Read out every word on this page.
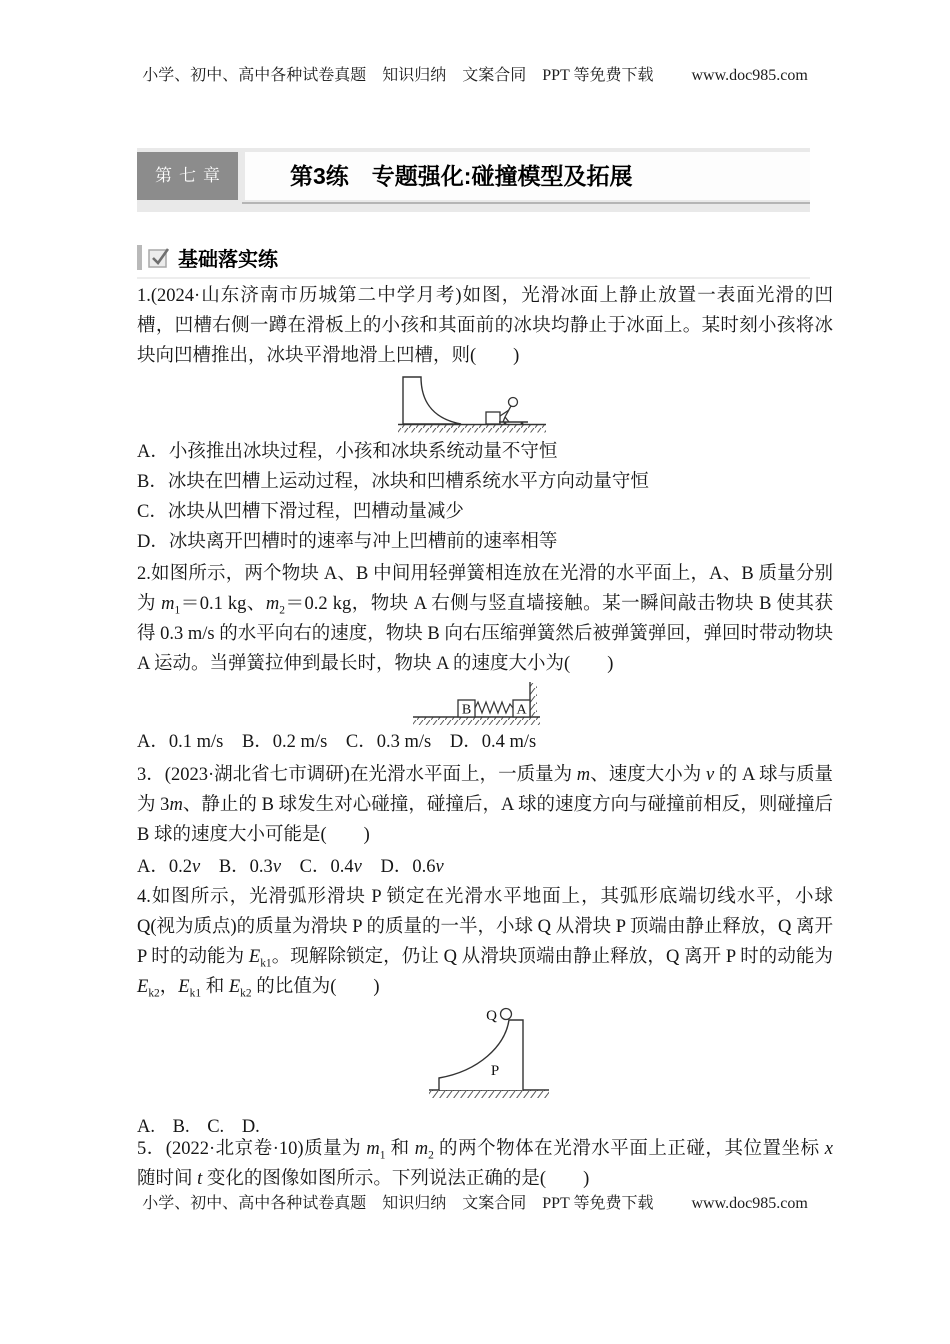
小学、初中、高中各种试卷真题　知识归纳　文案合同　PPT 等免费下载 www.doc985.com
第七章	第3练　专题强化:碰撞模型及拓展
基础落实练
1.(2024·山东济南市历城第二中学月考)如图，光滑冰面上静止放置一表面光滑的凹槽，凹槽右侧一蹲在滑板上的小孩和其面前的冰块均静止于冰面上。某时刻小孩将冰块向凹槽推出，冰块平滑地滑上凹槽，则(　　)
A．小孩推出冰块过程，小孩和冰块系统动量不守恒
B．冰块在凹槽上运动过程，冰块和凹槽系统水平方向动量守恒
C．冰块从凹槽下滑过程，凹槽动量减少
D．冰块离开凹槽时的速率与冲上凹槽前的速率相等
2.如图所示，两个物块 A、B 中间用轻弹簧相连放在光滑的水平面上，A、B 质量分别为 $m_1=0.1$ kg、$m_2=0.2$ kg，物块 A 右侧与竖直墙接触。某一瞬间敲击物块 B 使其获得 0.3 m/s 的水平向右的速度，物块 B 向右压缩弹簧然后被弹簧弹回，弹回时带动物块 A 运动。当弹簧拉伸到最长时，物块 A 的速度大小为(　　)
B	A
A．0.1 m/s B．0.2 m/s C．0.3 m/s D．0.4 m/s
3．(2023·湖北省七市调研)在光滑水平面上，一质量为 m、速度大小为 v 的 A 球与质量为 3m、静止的 B 球发生对心碰撞，碰撞后，A 球的速度方向与碰撞前相反，则碰撞后 B 球的速度大小可能是(　　)
A．0.2v B．0.3v C．0.4v D．0.6v
4.如图所示，光滑弧形滑块 P 锁定在光滑水平地面上，其弧形底端切线水平，小球 Q(视为质点)的质量为滑块 P 的质量的一半，小球 Q 从滑块 P 顶端由静止释放，Q 离开 P 时的动能为 $E_{k1}$。现解除锁定，仍让 Q 从滑块顶端由静止释放，Q 离开 P 时的动能为 $E_{k2}$，$E_{k1}$ 和 $E_{k2}$ 的比值为(　　)
Q
P
A. B. C. D.
5．(2022·北京卷·10)质量为 $m_1$ 和 $m_2$ 的两个物体在光滑水平面上正碰，其位置坐标 x 随时间 t 变化的图像如图所示。下列说法正确的是(　　)
小学、初中、高中各种试卷真题　知识归纳　文案合同　PPT 等免费下载 www.doc985.com
